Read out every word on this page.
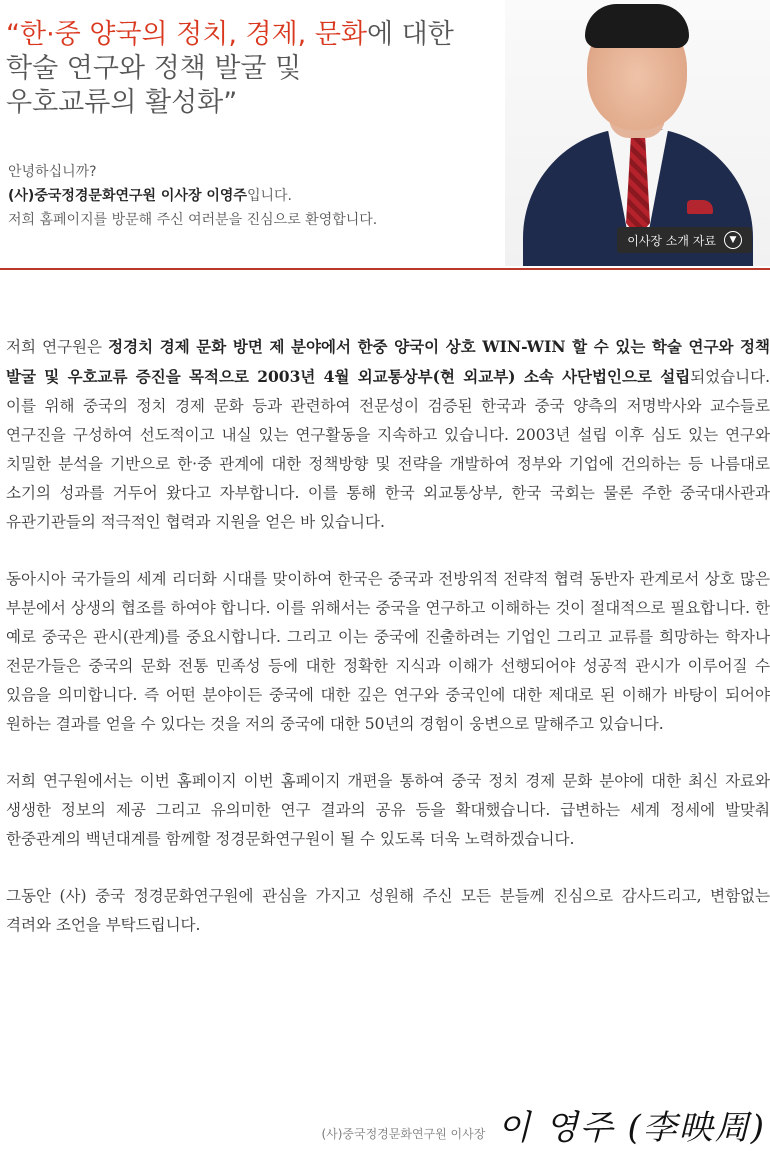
“한·중 양국의 정치, 경제, 문화에 대한
학술 연구와 정책 발굴 및
우호교류의 활성화”
안녕하십니까?
(사)중국정경문화연구원 이사장 이영주입니다.
저희 홈페이지를 방문해 주신 여러분을 진심으로 환영합니다.
이사장 소개 자료	▼

저희 연구원은 정경치 경제 문화 방면 제 분야에서 한중 양국이 상호 WIN-WIN 할 수 있는 학술 연구와 정책 발굴 및 우호교류 증진을 목적으로 2003년 4월 외교통상부(현 외교부) 소속 사단법인으로 설립되었습니다. 이를 위해 중국의 정치 경제 문화 등과 관련하여 전문성이 검증된 한국과 중국 양측의 저명박사와 교수들로 연구진을 구성하여 선도적이고 내실 있는 연구활동을 지속하고 있습니다. 2003년 설립 이후 심도 있는 연구와 치밀한 분석을 기반으로 한·중 관계에 대한 정책방향 및 전략을 개발하여 정부와 기업에 건의하는 등 나름대로 소기의 성과를 거두어 왔다고 자부합니다. 이를 통해 한국 외교통상부, 한국 국회는 물론 주한 중국대사관과 유관기관들의 적극적인 협력과 지원을 얻은 바 있습니다.

동아시아 국가들의 세계 리더화 시대를 맞이하여 한국은 중국과 전방위적 전략적 협력 동반자 관계로서 상호 많은 부분에서 상생의 협조를 하여야 합니다. 이를 위해서는 중국을 연구하고 이해하는 것이 절대적으로 필요합니다. 한 예로 중국은 관시(관계)를 중요시합니다. 그리고 이는 중국에 진출하려는 기업인 그리고 교류를 희망하는 학자나 전문가들은 중국의 문화 전통 민족성 등에 대한 정확한 지식과 이해가 선행되어야 성공적 관시가 이루어질 수 있음을 의미합니다. 즉 어떤 분야이든 중국에 대한 깊은 연구와 중국인에 대한 제대로 된 이해가 바탕이 되어야 원하는 결과를 얻을 수 있다는 것을 저의 중국에 대한 50년의 경험이 웅변으로 말해주고 있습니다.

저희 연구원에서는 이번 홈페이지 이번 홈페이지 개편을 통하여 중국 정치 경제 문화 분야에 대한 최신 자료와 생생한 정보의 제공 그리고 유의미한 연구 결과의 공유 등을 확대했습니다. 급변하는 세계 정세에 발맞춰 한중관계의 백년대계를 함께할 정경문화연구원이 될 수 있도록 더욱 노력하겠습니다.

그동안 (사) 중국 정경문화연구원에 관심을 가지고 성원해 주신 모든 분들께 진심으로 감사드리고, 변함없는 격려와 조언을 부탁드립니다.

(사)중국정경문화연구원 이사장 이 영주 (李映周)
